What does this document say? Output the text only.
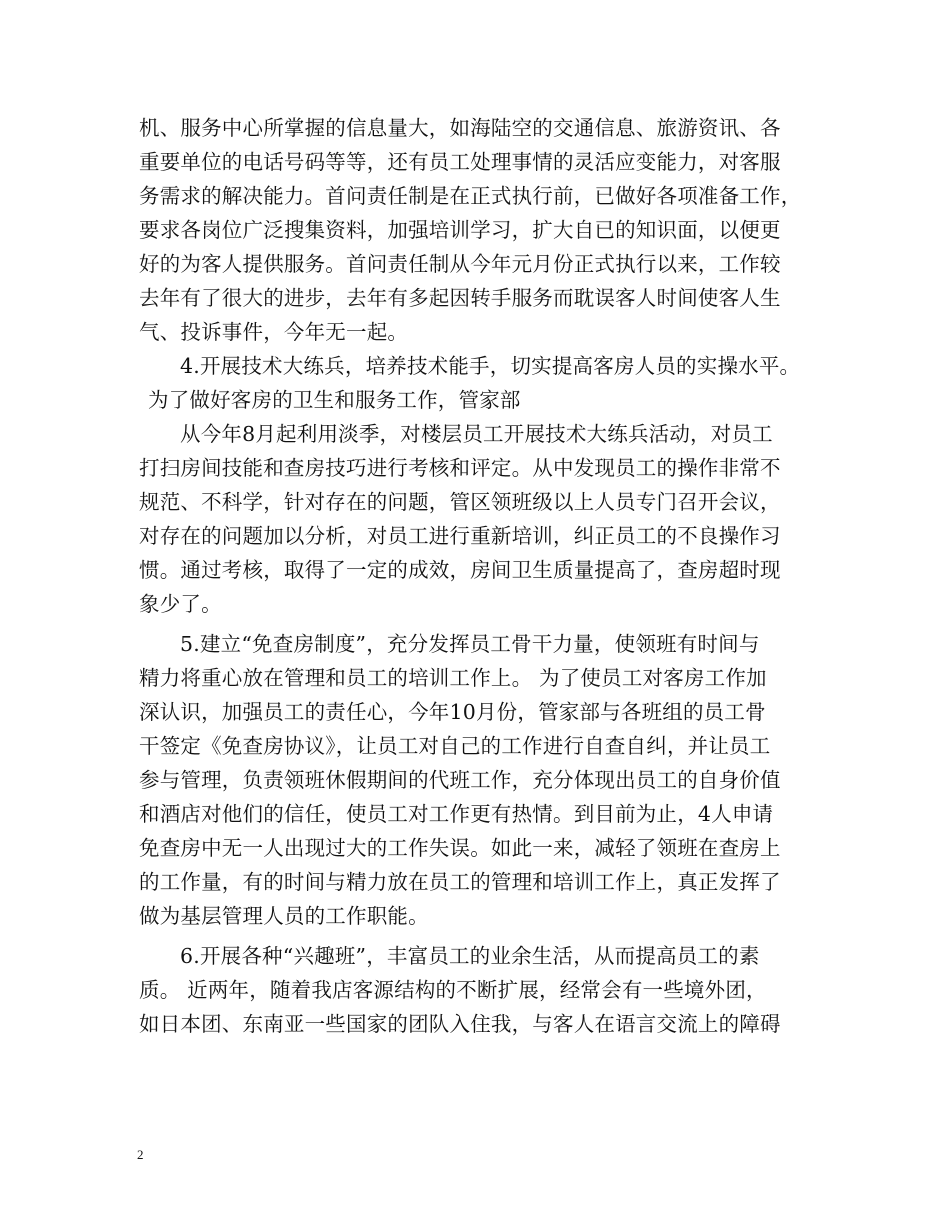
机、服务中心所掌握的信息量大，如海陆空的交通信息、旅游资讯、各
重要单位的电话号码等等，还有员工处理事情的灵活应变能力，对客服
务需求的解决能力。首问责任制是在正式执行前，已做好各项准备工作，
要求各岗位广泛搜集资料，加强培训学习，扩大自已的知识面，以便更
好的为客人提供服务。首问责任制从今年元月份正式执行以来，工作较
去年有了很大的进步，去年有多起因转手服务而耽误客人时间使客人生
气、投诉事件，今年无一起。
4.开展技术大练兵，培养技术能手，切实提高客房人员的实操水平。
为了做好客房的卫生和服务工作，管家部
从今年8月起利用淡季，对楼层员工开展技术大练兵活动，对员工
打扫房间技能和查房技巧进行考核和评定。从中发现员工的操作非常不
规范、不科学，针对存在的问题，管区领班级以上人员专门召开会议，
对存在的问题加以分析，对员工进行重新培训，纠正员工的不良操作习
惯。通过考核，取得了一定的成效，房间卫生质量提高了，查房超时现
象少了。
5.建立“免查房制度”，充分发挥员工骨干力量，使领班有时间与
精力将重心放在管理和员工的培训工作上。 为了使员工对客房工作加
深认识，加强员工的责任心，今年10月份，管家部与各班组的员工骨
干签定《免查房协议》，让员工对自己的工作进行自查自纠，并让员工
参与管理，负责领班休假期间的代班工作，充分体现出员工的自身价值
和酒店对他们的信任，使员工对工作更有热情。到目前为止，4人申请
免查房中无一人出现过大的工作失误。如此一来，减轻了领班在查房上
的工作量，有的时间与精力放在员工的管理和培训工作上，真正发挥了
做为基层管理人员的工作职能。
6.开展各种“兴趣班”，丰富员工的业余生活，从而提高员工的素
质。 近两年，随着我店客源结构的不断扩展，经常会有一些境外团，
如日本团、东南亚一些国家的团队入住我，与客人在语言交流上的障碍
2
